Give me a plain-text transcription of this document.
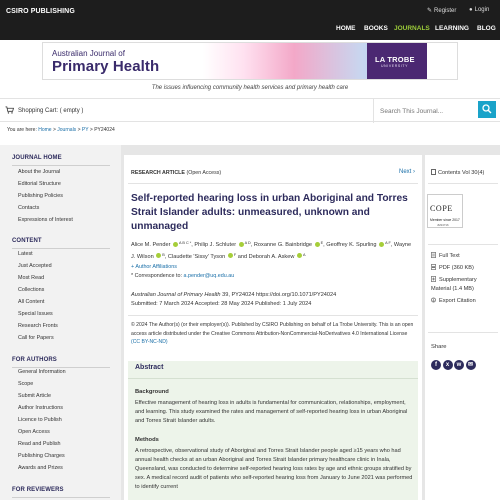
CSIRO PUBLISHING	✎ Register ● Login
HOME BOOKS JOURNALS LEARNING BLOG
Australian Journal of
Primary Health	LA TROBE
UNIVERSITY
The issues influencing community health services and primary health care
Shopping Cart: ( empty )
Search This Journal...
You are here: Home > Journals > PY > PY24024
JOURNAL HOME
About the Journal
Editorial Structure
Publishing Policies
Contacts
Expressions of Interest
CONTENT
Latest
Just Accepted
Most Read
Collections
All Content
Special Issues
Research Fronts
Call for Papers
FOR AUTHORS
General Information
Scope
Submit Article
Author Instructions
Licence to Publish
Open Access
Read and Publish
Publishing Charges
Awards and Prizes
FOR REVIEWERS
RESEARCH ARTICLE (Open Access)	Next ›
Self-reported hearing loss in urban Aboriginal and Torres Strait Islander adults: unmeasured, unknown and unmanaged
Alice M. Pender $^{A B C *}$, Philip J. Schluter $^{A D}$, Roxanne G. Bainbridge $^E$, Geoffrey K. Spurling $^{A F}$, Wayne J. Wilson $^B$, Claudette 'Sissy' Tyson $^F$ and Deborah A. Askew $^A$
+ Author Affiliations
* Correspondence to: a.pender@uq.edu.au
Australian Journal of Primary Health 39, PY24024 https://doi.org/10.1071/PY24024
Submitted: 7 March 2024 Accepted: 28 May 2024 Published: 1 July 2024
© 2024 The Author(s) (or their employer(s)). Published by CSIRO Publishing on behalf of La Trobe University. This is an open access article distributed under the Creative Commons Attribution-NonCommercial-NoDerivatives 4.0 International License (CC BY-NC-ND)
Abstract
Background
Effective management of hearing loss in adults is fundamental for communication, relationships, employment, and learning. This study examined the rates and management of self-reported hearing loss in urban Aboriginal and Torres Strait Islander adults.
Methods
A retrospective, observational study of Aboriginal and Torres Strait Islander people aged ≥15 years who had annual health checks at an urban Aboriginal and Torres Strait Islander primary healthcare clinic in Inala, Queensland, was conducted to determine self-reported hearing loss rates by age and ethnic groups stratified by sex. A medical record audit of patients who self-reported hearing loss from January to June 2021 was performed to identify current
Contents Vol 30(4)
COPE
Member since 2017
JM13716
Full Text
PDF (360 KB)
Supplementary Material (1.4 MB)
Export Citation
Share
f x w ✉
